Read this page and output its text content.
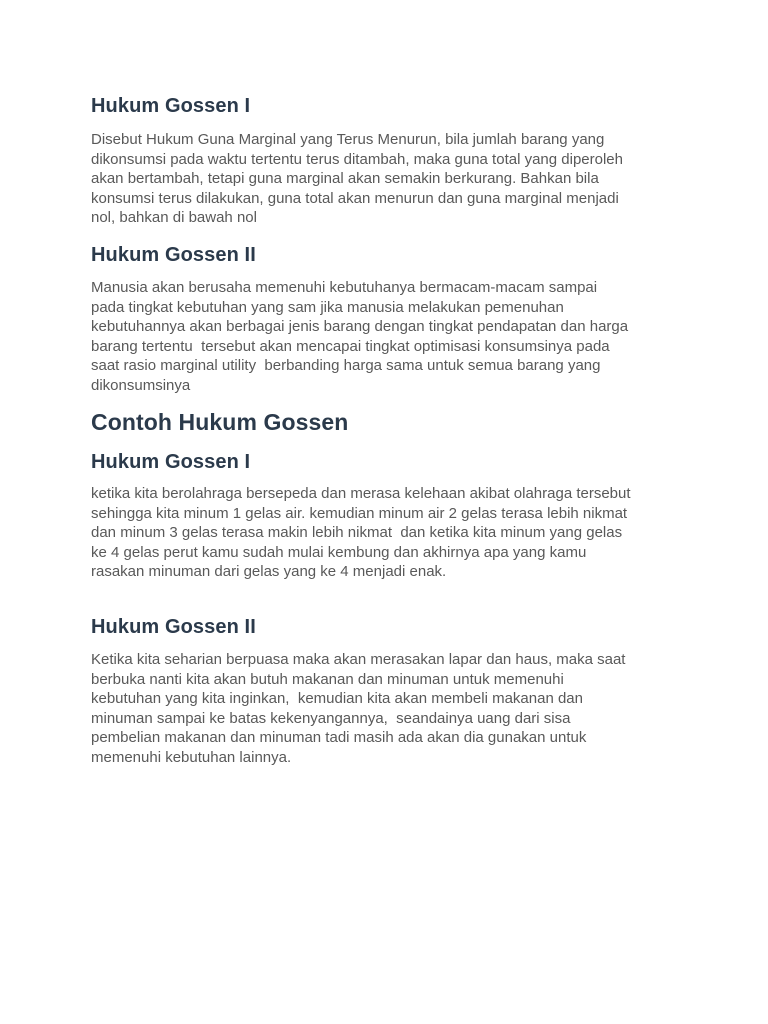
Hukum Gossen I

Disebut Hukum Guna Marginal yang Terus Menurun, bila jumlah barang yang
dikonsumsi pada waktu tertentu terus ditambah, maka guna total yang diperoleh
akan bertambah, tetapi guna marginal akan semakin berkurang. Bahkan bila
konsumsi terus dilakukan, guna total akan menurun dan guna marginal menjadi
nol, bahkan di bawah nol

Hukum Gossen II

Manusia akan berusaha memenuhi kebutuhanya bermacam-macam sampai
pada tingkat kebutuhan yang sam jika manusia melakukan pemenuhan
kebutuhannya akan berbagai jenis barang dengan tingkat pendapatan dan harga
barang tertentu  tersebut akan mencapai tingkat optimisasi konsumsinya pada
saat rasio marginal utility  berbanding harga sama untuk semua barang yang
dikonsumsinya

Contoh Hukum Gossen
Hukum Gossen I

ketika kita berolahraga bersepeda dan merasa kelehaan akibat olahraga tersebut
sehingga kita minum 1 gelas air. kemudian minum air 2 gelas terasa lebih nikmat
dan minum 3 gelas terasa makin lebih nikmat  dan ketika kita minum yang gelas
ke 4 gelas perut kamu sudah mulai kembung dan akhirnya apa yang kamu
rasakan minuman dari gelas yang ke 4 menjadi enak.

Hukum Gossen II

Ketika kita seharian berpuasa maka akan merasakan lapar dan haus, maka saat
berbuka nanti kita akan butuh makanan dan minuman untuk memenuhi
kebutuhan yang kita inginkan,  kemudian kita akan membeli makanan dan
minuman sampai ke batas kekenyangannya,  seandainya uang dari sisa
pembelian makanan dan minuman tadi masih ada akan dia gunakan untuk
memenuhi kebutuhan lainnya.
